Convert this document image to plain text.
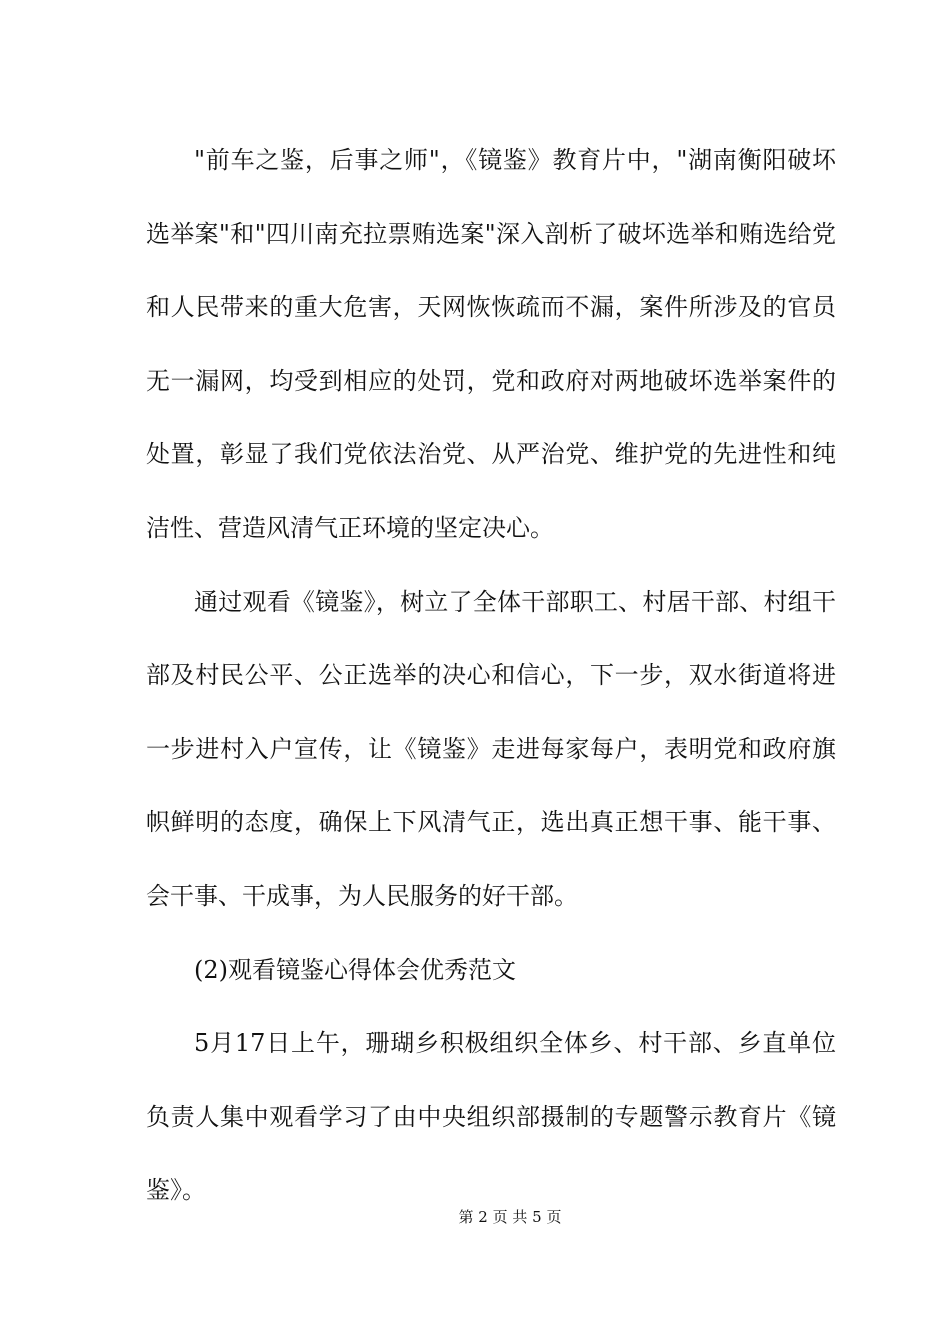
"前车之鉴，后事之师"，《镜鉴》教育片中，"湖南衡阳破坏选举案"和"四川南充拉票贿选案"深入剖析了破坏选举和贿选给党和人民带来的重大危害，天网恢恢疏而不漏，案件所涉及的官员无一漏网，均受到相应的处罚，党和政府对两地破坏选举案件的处置，彰显了我们党依法治党、从严治党、维护党的先进性和纯洁性、营造风清气正环境的坚定决心。

通过观看《镜鉴》，树立了全体干部职工、村居干部、村组干部及村民公平、公正选举的决心和信心，下一步，双水街道将进一步进村入户宣传，让《镜鉴》走进每家每户，表明党和政府旗帜鲜明的态度，确保上下风清气正，选出真正想干事、能干事、会干事、干成事，为人民服务的好干部。

(2)观看镜鉴心得体会优秀范文

5月17日上午，珊瑚乡积极组织全体乡、村干部、乡直单位负责人集中观看学习了由中央组织部摄制的专题警示教育片《镜鉴》。

第 2 页 共 5 页
